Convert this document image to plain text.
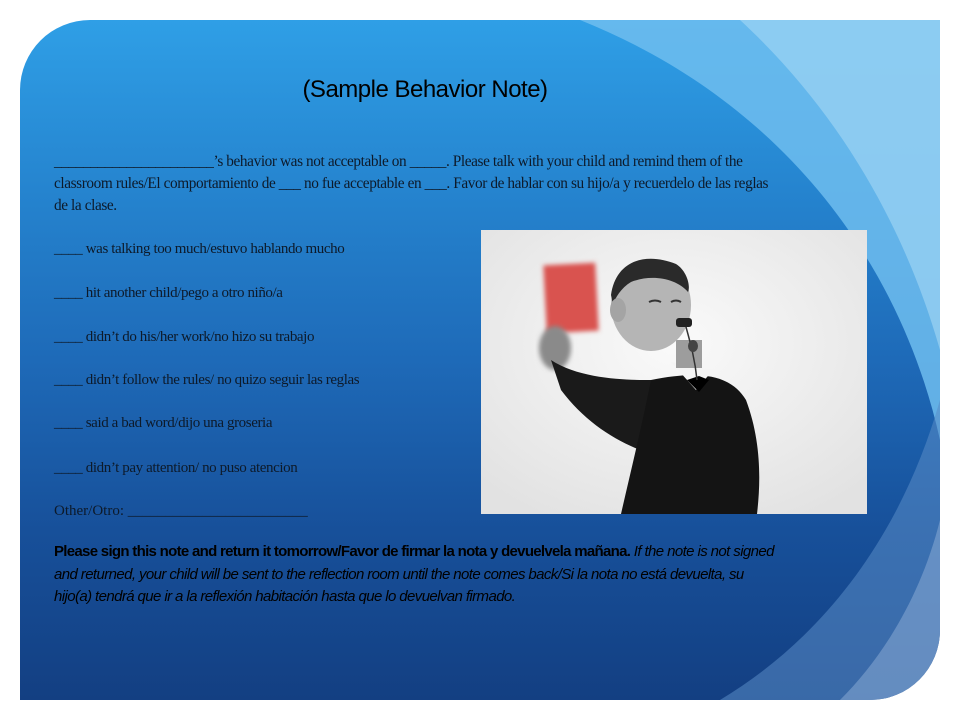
(Sample Behavior Note)
______________________’s behavior was not acceptable on _____. Please talk with your child and remind them of the classroom rules/El comportamiento de ___ no fue acceptable en ___. Favor de hablar con su hijo/a y recuerdelo de las reglas de la clase.
____ was talking too much/estuvo hablando mucho
____ hit another child/pego a otro niño/a
____ didn’t do his/her work/no hizo su trabajo
____ didn’t follow the rules/ no quizo seguir las reglas
____ said a bad word/dijo una groseria
____ didn’t pay attention/ no puso atencion
Other/Otro: ________________________
Please sign this note and return it tomorrow/Favor de firmar la nota y devuelvela mañana. If the note is not signed and returned, your child will be sent to the reflection room until the note comes back/Si la nota no está devuelta, su hijo(a) tendrá que ir a la reflexión habitación hasta que lo devuelvan firmado.
